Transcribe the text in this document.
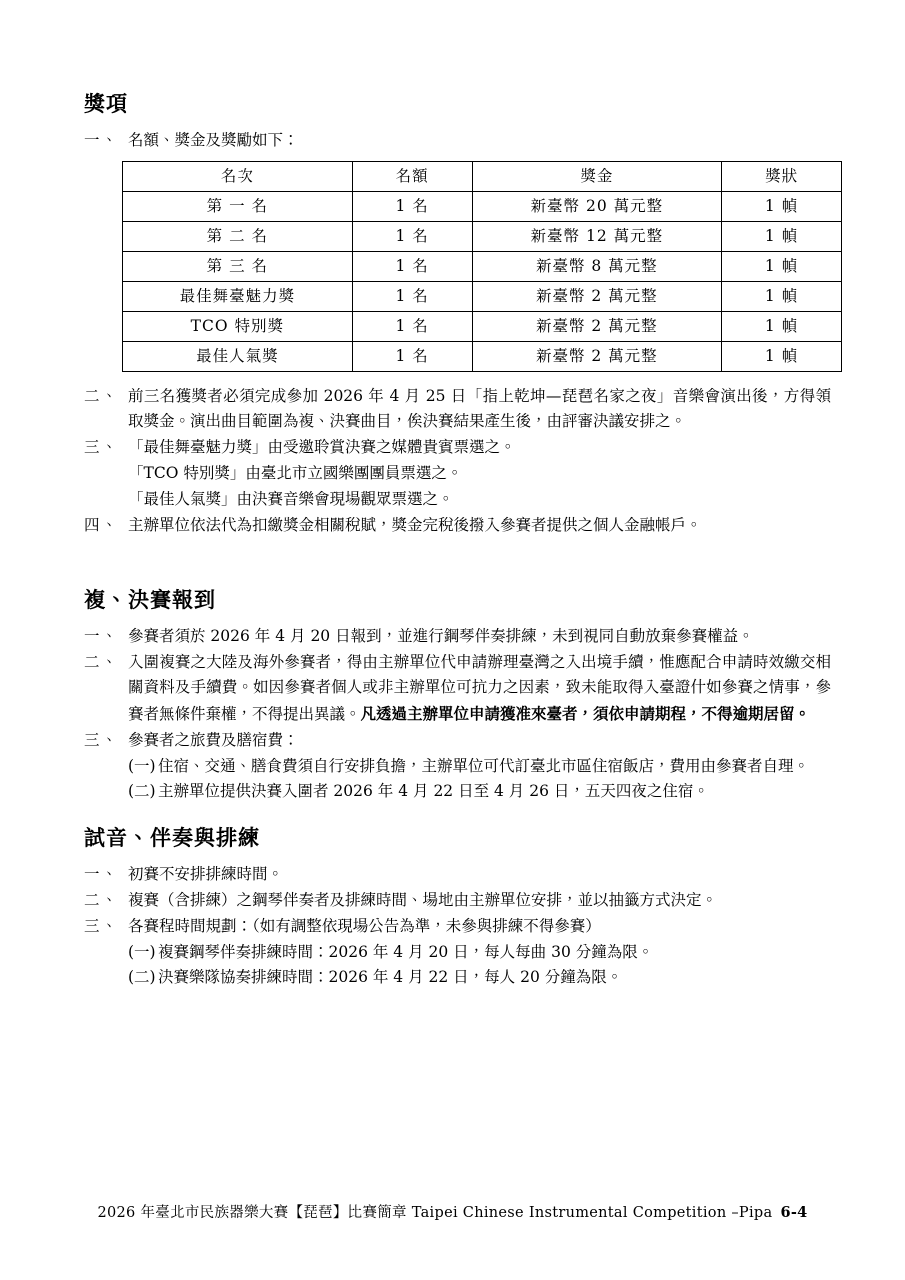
獎項
一、 名額、獎金及獎勵如下：
名次	名額	獎金	獎狀
第 一 名	1 名	新臺幣 20 萬元整	1 幀
第 二 名	1 名	新臺幣 12 萬元整	1 幀
第 三 名	1 名	新臺幣 8 萬元整	1 幀
最佳舞臺魅力獎	1 名	新臺幣 2 萬元整	1 幀
TCO 特別獎	1 名	新臺幣 2 萬元整	1 幀
最佳人氣獎	1 名	新臺幣 2 萬元整	1 幀
二、 前三名獲獎者必須完成參加 2026 年 4 月 25 日「指上乾坤—琵琶名家之夜」音樂會演出後，方得領取獎金。演出曲目範圍為複、決賽曲目，俟決賽結果產生後，由評審決議安排之。
三、 「最佳舞臺魅力獎」由受邀聆賞決賽之媒體貴賓票選之。
「TCO 特別獎」由臺北市立國樂團團員票選之。
「最佳人氣獎」由決賽音樂會現場觀眾票選之。
四、 主辦單位依法代為扣繳獎金相關稅賦，獎金完稅後撥入參賽者提供之個人金融帳戶。
複、決賽報到
一、 參賽者須於 2026 年 4 月 20 日報到，並進行鋼琴伴奏排練，未到視同自動放棄參賽權益。
二、 入圍複賽之大陸及海外參賽者，得由主辦單位代申請辦理臺灣之入出境手續，惟應配合申請時效繳交相關資料及手續費。如因參賽者個人或非主辦單位可抗力之因素，致未能取得入臺證什如參賽之情事，參賽者無條件棄權，不得提出異議。凡透過主辦單位申請獲准來臺者，須依申請期程，不得逾期居留。
三、 參賽者之旅費及膳宿費：
(一) 住宿、交通、膳食費須自行安排負擔，主辦單位可代訂臺北市區住宿飯店，費用由參賽者自理。
(二) 主辦單位提供決賽入圍者 2026 年 4 月 22 日至 4 月 26 日，五天四夜之住宿。
試音、伴奏與排練
一、 初賽不安排排練時間。
二、 複賽（含排練）之鋼琴伴奏者及排練時間、場地由主辦單位安排，並以抽籤方式決定。
三、 各賽程時間規劃：（如有調整依現場公告為準，未參與排練不得參賽）
(一) 複賽鋼琴伴奏排練時間：2026 年 4 月 20 日，每人每曲 30 分鐘為限。
(二) 決賽樂隊協奏排練時間：2026 年 4 月 22 日，每人 20 分鐘為限。
2026 年臺北市民族器樂大賽【琵琶】比賽簡章 Taipei Chinese Instrumental Competition –Pipa 6-4
